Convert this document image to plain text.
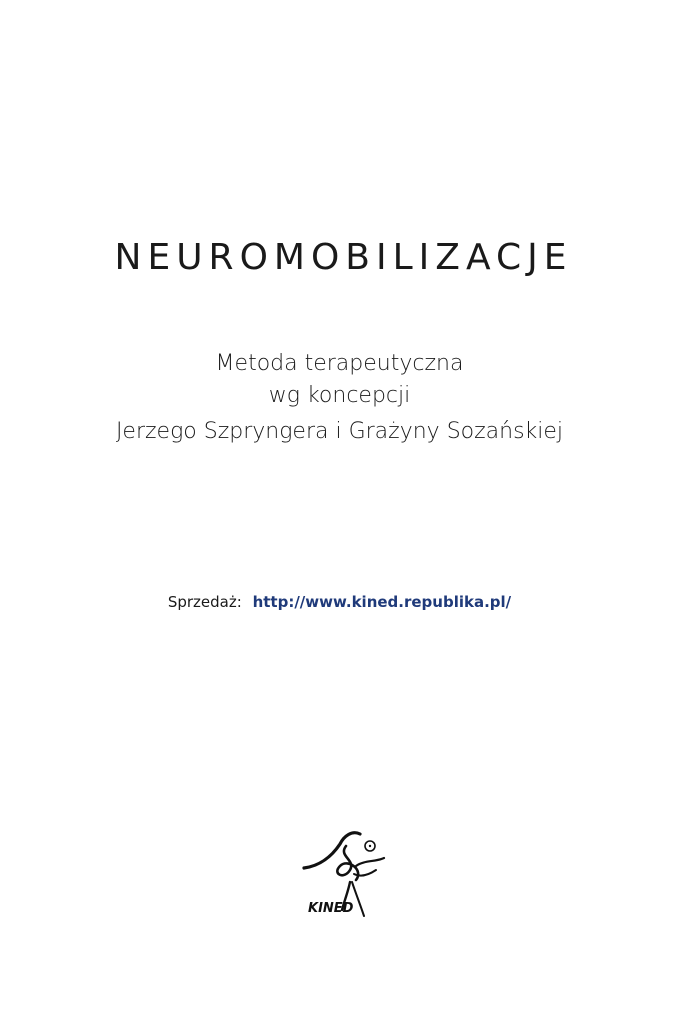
NEUROMOBILIZACJE
Metoda terapeutyczna
wg koncepcji
Jerzego Szpryngera i Grażyny Sozańskiej
Sprzedaż: http://www.kined.republika.pl/
KINED
